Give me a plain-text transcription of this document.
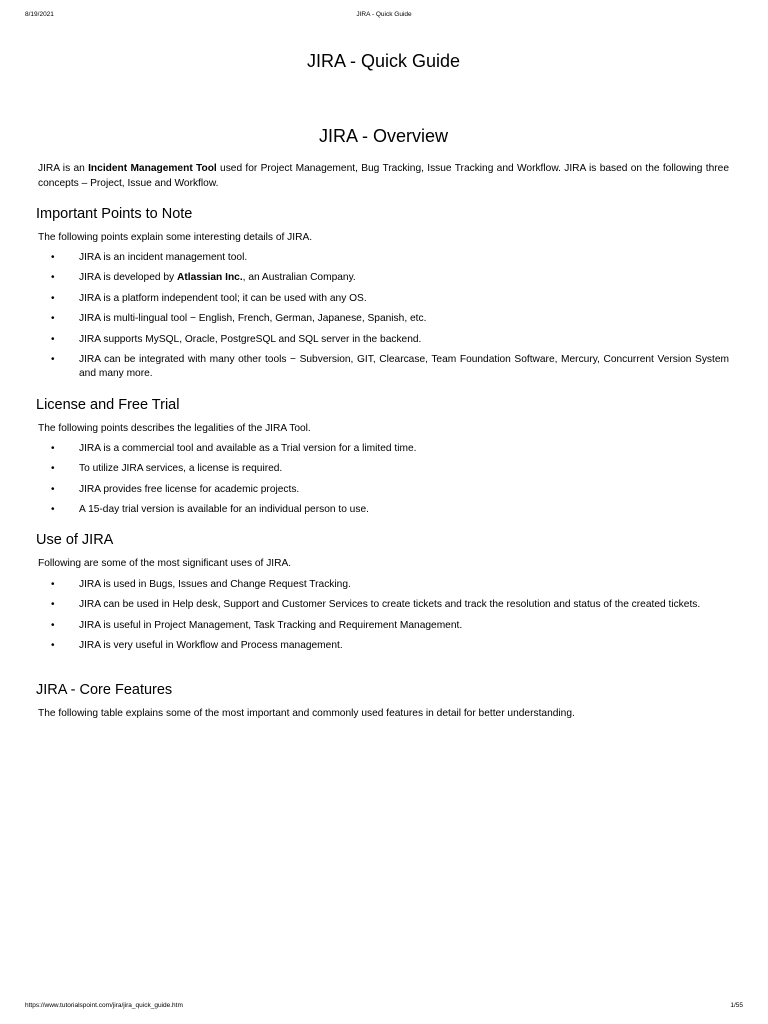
8/19/2021	JIRA - Quick Guide
JIRA - Quick Guide
JIRA - Overview

JIRA is an Incident Management Tool used for Project Management, Bug Tracking, Issue Tracking and Workflow. JIRA is based on the following three concepts – Project, Issue and Workflow.

Important Points to Note

The following points explain some interesting details of JIRA.

• JIRA is an incident management tool.
• JIRA is developed by Atlassian Inc., an Australian Company.
• JIRA is a platform independent tool; it can be used with any OS.
• JIRA is multi-lingual tool − English, French, German, Japanese, Spanish, etc.
• JIRA supports MySQL, Oracle, PostgreSQL and SQL server in the backend.
• JIRA can be integrated with many other tools − Subversion, GIT, Clearcase, Team Foundation Software, Mercury, Concurrent Version System and many more.
License and Free Trial

The following points describes the legalities of the JIRA Tool.

• JIRA is a commercial tool and available as a Trial version for a limited time.
• To utilize JIRA services, a license is required.
• JIRA provides free license for academic projects.
• A 15-day trial version is available for an individual person to use.
Use of JIRA

Following are some of the most significant uses of JIRA.

• JIRA is used in Bugs, Issues and Change Request Tracking.
• JIRA can be used in Help desk, Support and Customer Services to create tickets and track the resolution and status of the created tickets.
• JIRA is useful in Project Management, Task Tracking and Requirement Management.
• JIRA is very useful in Workflow and Process management.
JIRA - Core Features

The following table explains some of the most important and commonly used features in detail for better understanding.

https://www.tutorialspoint.com/jira/jira_quick_guide.htm	1/55
